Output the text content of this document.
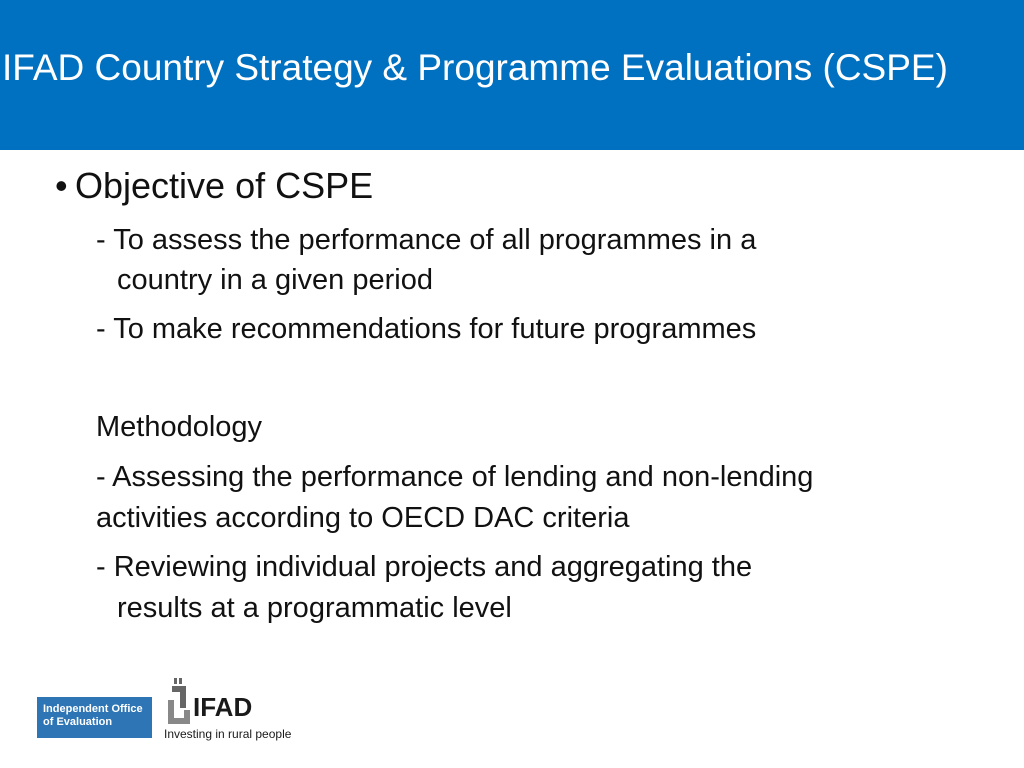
IFAD Country Strategy & Programme Evaluations (CSPE)
• Objective of CSPE
- To assess the performance of all programmes in a
country in a given period
- To make recommendations for future programmes
Methodology
- Assessing the performance of lending and non-lending
activities according to OECD DAC criteria
- Reviewing individual projects and aggregating the
results at a programmatic level
Independent Office
of Evaluation	IFAD
Investing in rural people
